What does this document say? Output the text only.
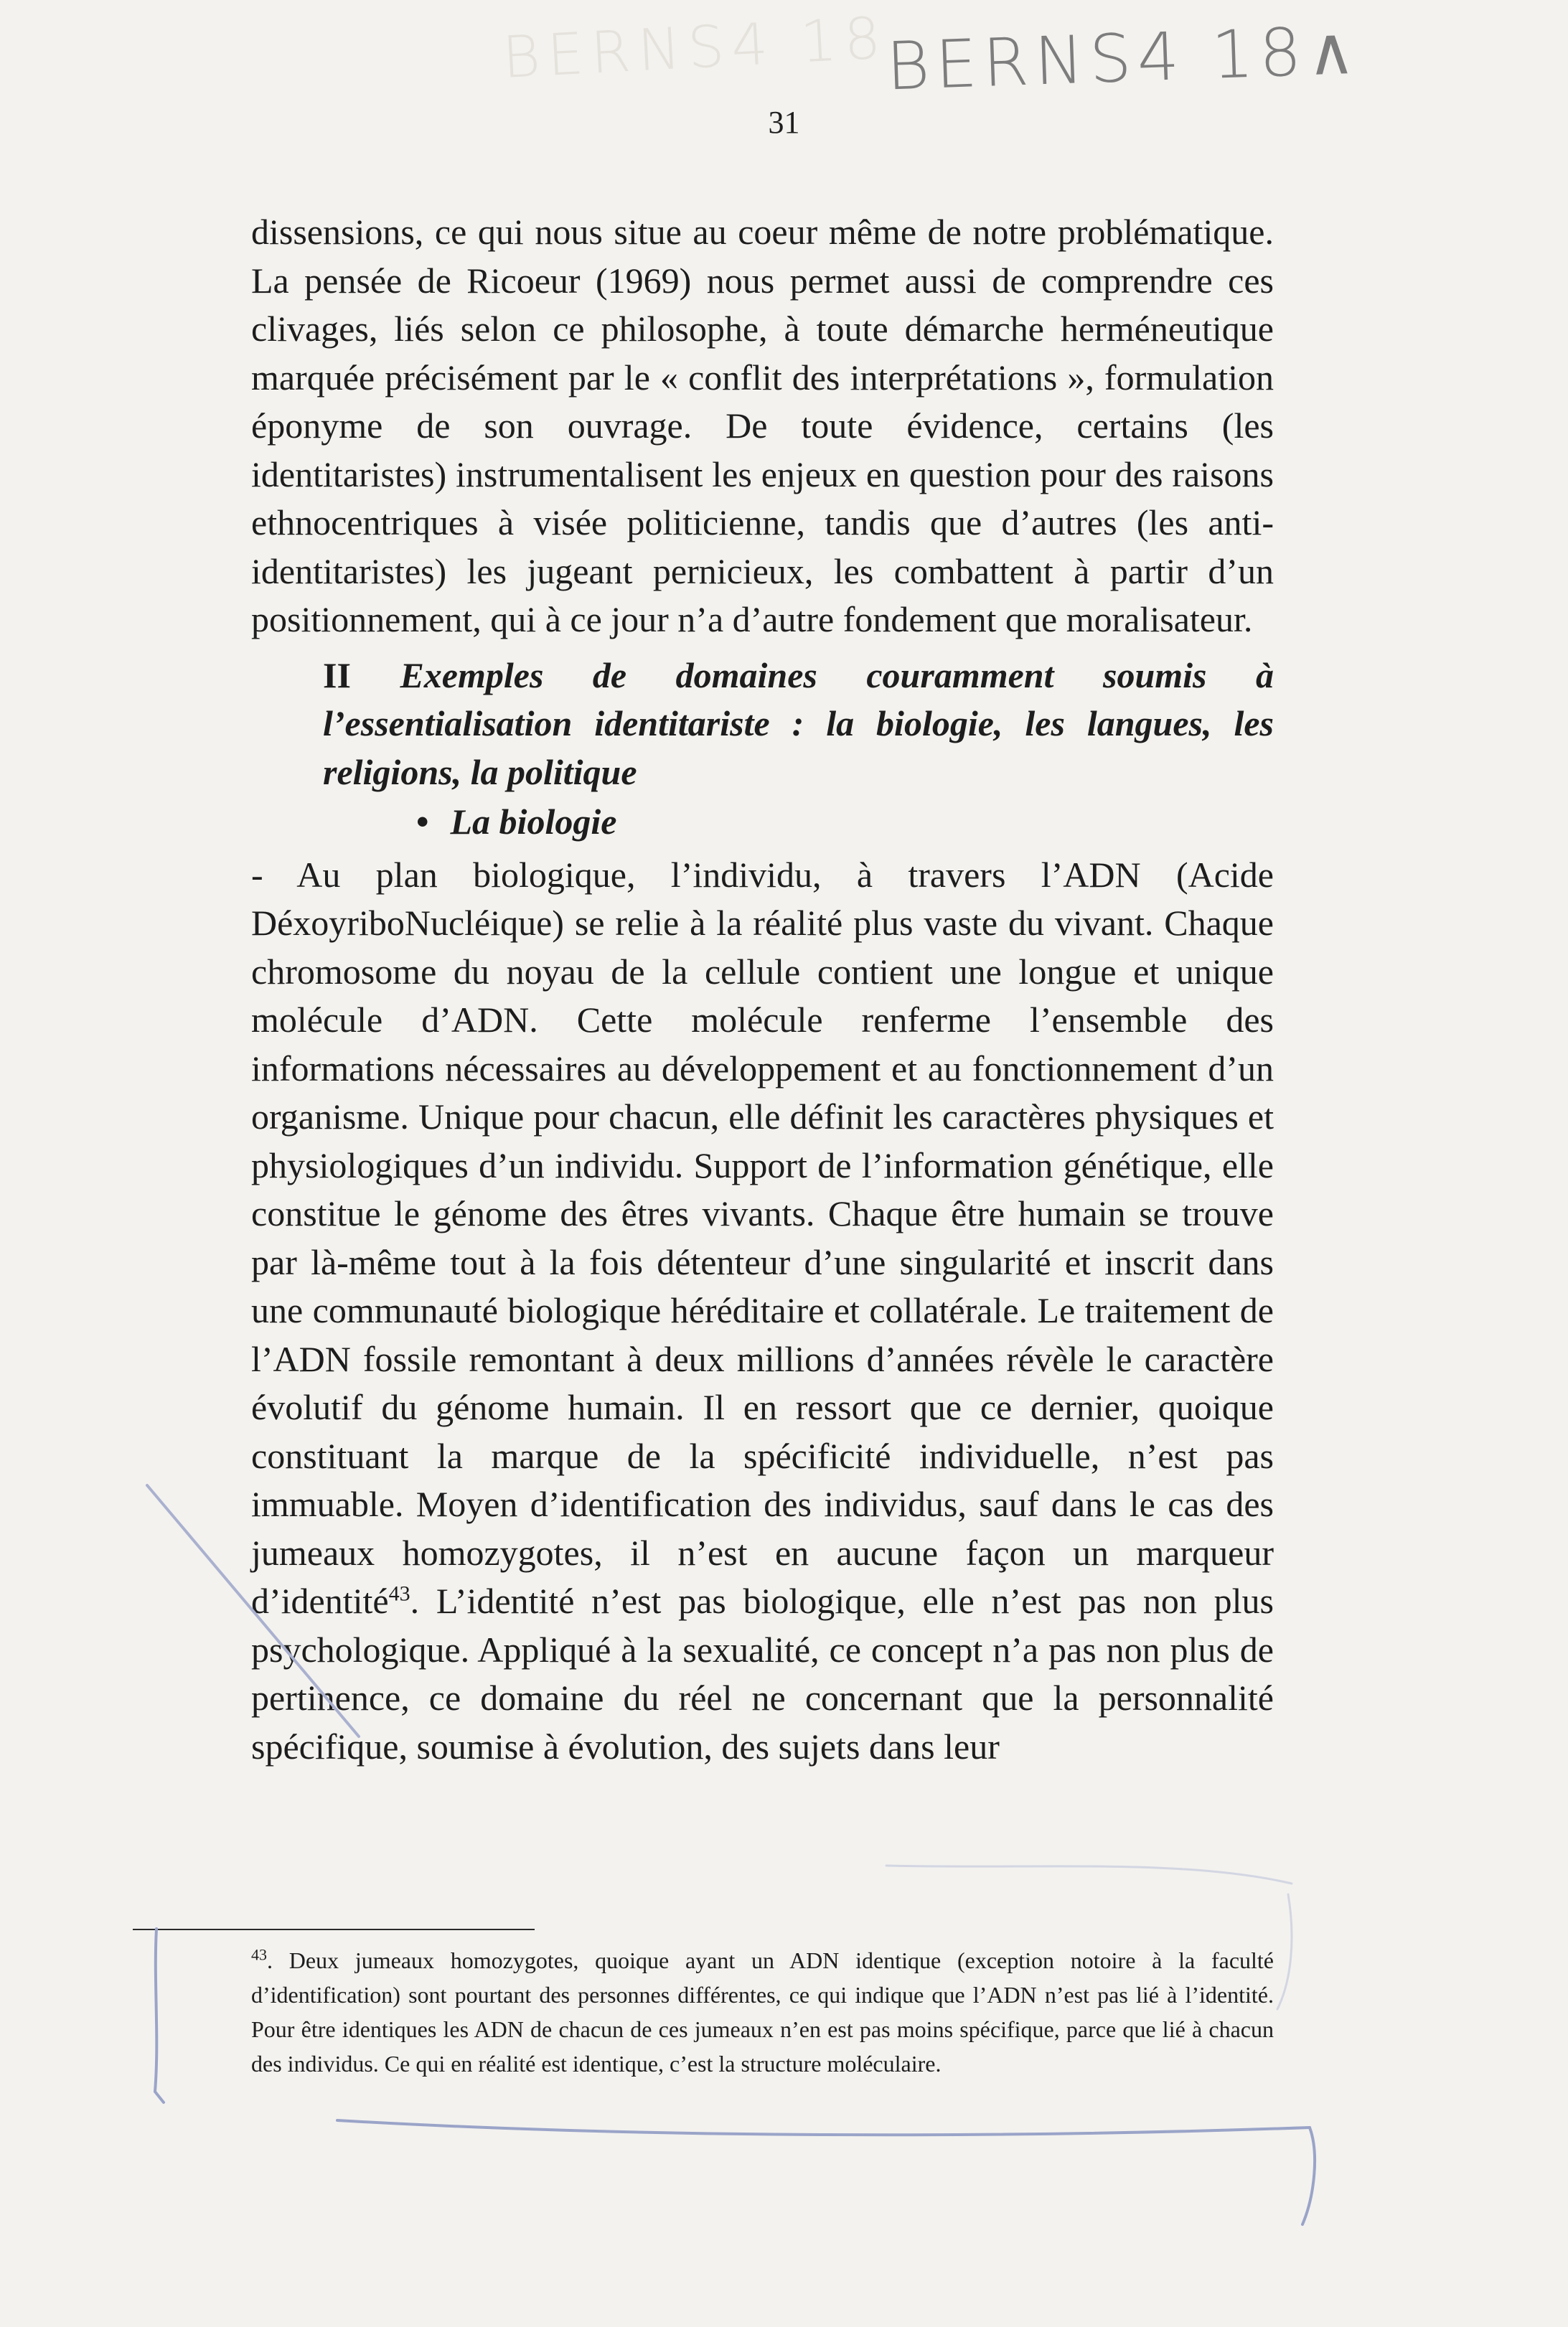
BERNS4 18
BERNS4 18∧
31

dissensions, ce qui nous situe au coeur même de notre problématique. La pensée de Ricoeur (1969) nous permet aussi de comprendre ces clivages, liés selon ce philosophe, à toute démarche herméneutique marquée précisément par le « conflit des interprétations », formulation éponyme de son ouvrage. De toute évidence, certains (les identitaristes) instrumentalisent les enjeux en question pour des raisons ethnocentriques à visée politicienne, tandis que d’autres (les anti-identitaristes) les jugeant pernicieux, les combattent à partir d’un positionnement, qui à ce jour n’a d’autre fondement que moralisateur.

II Exemples de domaines couramment soumis à l’essentialisation identitariste : la biologie, les langues, les religions, la politique

• La biologie

- Au plan biologique, l’individu, à travers l’ADN (Acide DéxoyriboNucléique) se relie à la réalité plus vaste du vivant. Chaque chromosome du noyau de la cellule contient une longue et unique molécule d’ADN. Cette molécule renferme l’ensemble des informations nécessaires au développement et au fonctionnement d’un organisme. Unique pour chacun, elle définit les caractères physiques et physiologiques d’un individu. Support de l’information génétique, elle constitue le génome des êtres vivants. Chaque être humain se trouve par là-même tout à la fois détenteur d’une singularité et inscrit dans une communauté biologique héréditaire et collatérale. Le traitement de l’ADN fossile remontant à deux millions d’années révèle le caractère évolutif du génome humain. Il en ressort que ce dernier, quoique constituant la marque de la spécificité individuelle, n’est pas immuable. Moyen d’identification des individus, sauf dans le cas des jumeaux homozygotes, il n’est en aucune façon un marqueur d’identité$^{43}$. L’identité n’est pas biologique, elle n’est pas non plus psychologique. Appliqué à la sexualité, ce concept n’a pas non plus de pertinence, ce domaine du réel ne concernant que la personnalité spécifique, soumise à évolution, des sujets dans leur

$^{43}$. Deux jumeaux homozygotes, quoique ayant un ADN identique (exception notoire à la faculté d’identification) sont pourtant des personnes différentes, ce qui indique que l’ADN n’est pas lié à l’identité. Pour être identiques les ADN de chacun de ces jumeaux n’en est pas moins spécifique, parce que lié à chacun des individus. Ce qui en réalité est identique, c’est la structure moléculaire.
